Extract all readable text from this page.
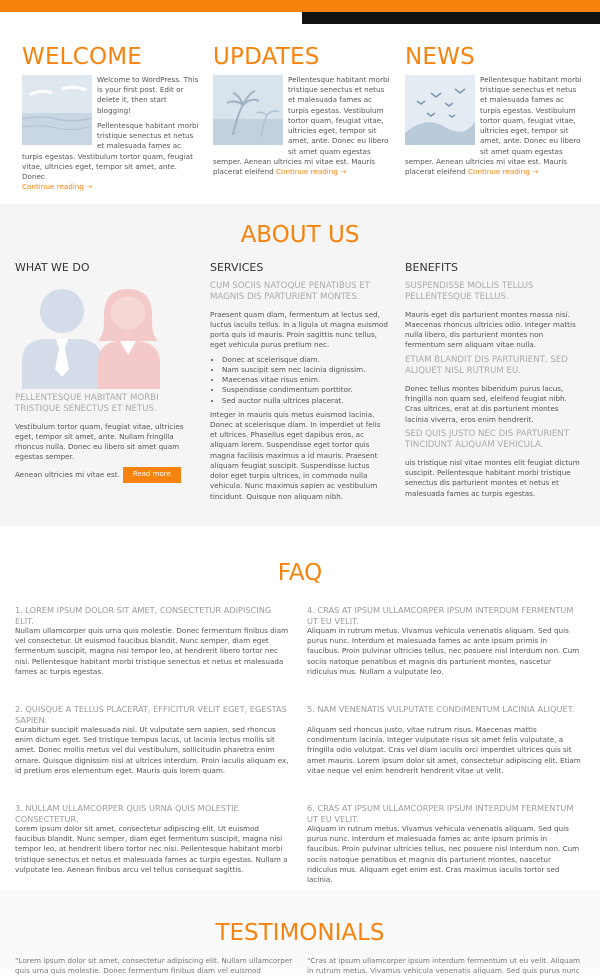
WELCOME

Welcome to WordPress. This is your first post. Edit or delete it, then start blogging!

Pellentesque habitant morbi tristique senectus et netus et malesuada fames ac turpis egestas. Vestibulum tortor quam, feugiat vitae, ultricies eget, tempor sit amet, ante. Donec
Continue reading →

UPDATES

Pellentesque habitant morbi tristique senectus et netus et malesuada fames ac turpis egestas. Vestibulum tortor quam, feugiat vitae, ultricies eget, tempor sit amet, ante. Donec eu libero sit amet quam egestas semper. Aenean ultricies mi vitae est. Mauris placerat eleifend Continue reading →

NEWS

Pellentesque habitant morbi tristique senectus et netus et malesuada fames ac turpis egestas. Vestibulum tortor quam, feugiat vitae, ultricies eget, tempor sit amet, ante. Donec eu libero sit amet quam egestas semper. Aenean ultricies mi vitae est. Mauris placerat eleifend Continue reading →

ABOUT US
WHAT WE DO
PELLENTESQUE HABITANT MORBI TRISTIQUE SENECTUS ET NETUS.

Vestibulum tortor quam, feugiat vitae, ultricies eget, tempor sit amet, ante. Nullam fringilla rhoncus nulla. Donec eu libero sit amet quam egestas semper.

Aenean ultricies mi vitae est. Read more

SERVICES
CUM SOCIIS NATOQUE PENATIBUS ET MAGNIS DIS PARTURIENT MONTES.

Praesent quam diam, fermentum at lectus sed, luctus iaculis tellus. In a ligula ut magna euismod porta quis id mauris. Proin sagittis nunc tellus, eget vehicula purus pretium nec.

• Donec at scelerisque diam.
• Nam suscipit sem nec lacinia dignissim.
• Maecenas vitae risus enim.
• Suspendisse condimentum porttitor.
• Sed auctor nulla ultrices placerat.

Integer in mauris quis metus euismod lacinia. Donec at scelerisque diam. In imperdiet ut felis et ultrices. Phasellus eget dapibus eros, ac aliquam lorem. Suspendisse eget tortor quis magna facilisis maximus a id mauris. Praesent aliquam feugiat suscipit. Suspendisse luctus dolor eget turpis ultrices, in commodo nulla vehicula. Nunc maximus sapien ac vestibulum tincidunt. Quisque non aliquam nibh.

BENEFITS
SUSPENDISSE MOLLIS TELLUS PELLENTESQUE TELLUS.

Mauris eget dis parturient montes massa nisi. Maecenas rhoncus ultricies odio. Integer mattis nulla libero, dis parturient montes non fermentum sem aliquam vitae nulla.

ETIAM BLANDIT DIS PARTURIENT, SED ALIQUET NISL RUTRUM EU.

Donec tellus montes bibendum purus lacus, fringilla non quam sed, eleifend feugiat nibh. Cras ultrices, erat at dis parturient montes lacinia viverra, eros enim hendrerit.

SED QUIS JUSTO NEC DIS PARTURIENT TINCIDUNT ALIQUAM VEHICULA.

uis tristique nisl vitae montes elit feugiat dictum suscipit. Pellentesque habitant morbi tristique senectus dis parturient montes et netus et malesuada fames ac turpis egestas.

FAQ
1. LOREM IPSUM DOLOR SIT AMET, CONSECTETUR ADIPISCING ELIT.

Nullam ullamcorper quis urna quis molestie. Donec fermentum finibus diam vel consectetur. Ut euismod faucibus blandit. Nunc semper, diam eget fermentum suscipit, magna nisi tempor leo, at hendrerit libero tortor nec nisi. Pellentesque habitant morbi tristique senectus et netus et malesuada fames ac turpis egestas.

2. QUISQUE A TELLUS PLACERAT, EFFICITUR VELIT EGET, EGESTAS SAPIEN.

Curabitur suscipit malesuada nisl. Ut vulputate sem sapien, sed rhoncus enim dictum eget. Sed tristique tempus lacus, ut lacinia lectus mollis sit amet. Donec mollis metus vel dui vestibulum, sollicitudin pharetra enim ornare. Quisque dignissim nisi at ultrices interdum. Proin iaculis aliquam ex, id pretium eros elementum eget. Mauris quis lorem quam.

3. NULLAM ULLAMCORPER QUIS URNA QUIS MOLESTIE CONSECTETUR.

Lorem ipsum dolor sit amet, consectetur adipiscing elit. Ut euismod faucibus blandit. Nunc semper, diam eget fermentum suscipit, magna nisi tempor leo, at hendrerit libero tortor nec nisi. Pellentesque habitant morbi tristique senectus et netus et malesuada fames ac turpis egestas. Nullam a vulputate leo. Aenean finibus arcu vel tellus consequat sagittis.

4. CRAS AT IPSUM ULLAMCORPER IPSUM INTERDUM FERMENTUM UT EU VELIT.

Aliquam in rutrum metus. Vivamus vehicula venenatis aliquam. Sed quis purus nunc. Interdum et malesuada fames ac ante ipsum primis in faucibus. Proin pulvinar ultricies tellus, nec posuere nisl interdum non. Cum sociis natoque penatibus et magnis dis parturient montes, nascetur ridiculus mus. Nullam a vulputate leo.

5. NAM VENENATIS VULPUTATE CONDIMENTUM LACINIA ALIQUET.

Aliquam sed rhoncus justo, vitae rutrum risus. Maecenas mattis condimentum lacinia. Integer vulputate risus sit amet felis vulputate, a fringilla odio volutpat. Cras vel diam iaculis orci imperdiet ultrices quis sit amet mauris. Lorem ipsum dolor sit amet, consectetur adipiscing elit. Etiam vitae neque vel enim hendrerit hendrerit vitae ut velit.

6. CRAS AT IPSUM ULLAMCORPER IPSUM INTERDUM FERMENTUM UT EU VELIT.

Aliquam in rutrum metus. Vivamus vehicula venenatis aliquam. Sed quis purus nunc. Interdum et malesuada fames ac ante ipsum primis in faucibus. Proin pulvinar ultricies tellus, nec posuere nisl interdum non. Cum sociis natoque penatibus et magnis dis parturient montes, nascetur ridiculus mus. Aliquam eget enim est. Cras maximus iaculis tortor sed lacinia.

TESTIMONIALS

“Lorem ipsum dolor sit amet, consectetur adipiscing elit. Nullam ullamcorper quis urna quis molestie. Donec fermentum finibus diam vel euismod

“Cras at ipsum ullamcorper ipsum interdum fermentum ut eu velit. Aliquam in rutrum metus. Vivamus vehicula venenatis aliquam. Sed quis purus nunc
